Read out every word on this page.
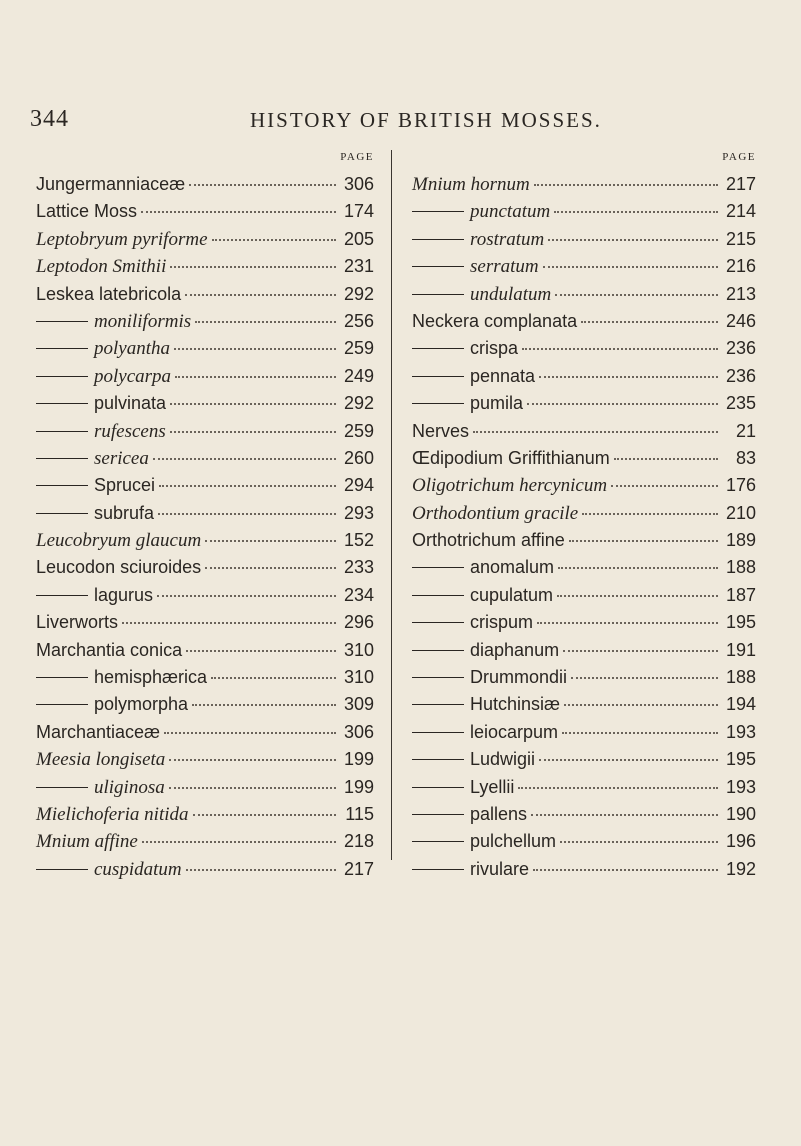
344	HISTORY OF BRITISH MOSSES.
PAGE
Jungermanniaceæ	306
Lattice Moss	174
Leptobryum pyriforme	205
Leptodon Smithii	231
Leskea latebricola	292
moniliformis	256
polyantha	259
polycarpa	249
pulvinata	292
rufescens	259
sericea	260
Sprucei	294
subrufa	293
Leucobryum glaucum	152
Leucodon sciuroides	233
lagurus	234
Liverworts	296
Marchantia conica	310
hemisphærica	310
polymorpha	309
Marchantiaceæ	306
Meesia longiseta	199
uliginosa	199
Mielichoferia nitida	115
Mnium affine	218
cuspidatum	217
PAGE
Mnium hornum	217
punctatum	214
rostratum	215
serratum	216
undulatum	213
Neckera complanata	246
crispa	236
pennata	236
pumila	235
Nerves	21
Œdipodium Griffithianum	83
Oligotrichum hercynicum	176
Orthodontium gracile	210
Orthotrichum affine	189
anomalum	188
cupulatum	187
crispum	195
diaphanum	191
Drummondii	188
Hutchinsiæ	194
leiocarpum	193
Ludwigii	195
Lyellii	193
pallens	190
pulchellum	196
rivulare	192
